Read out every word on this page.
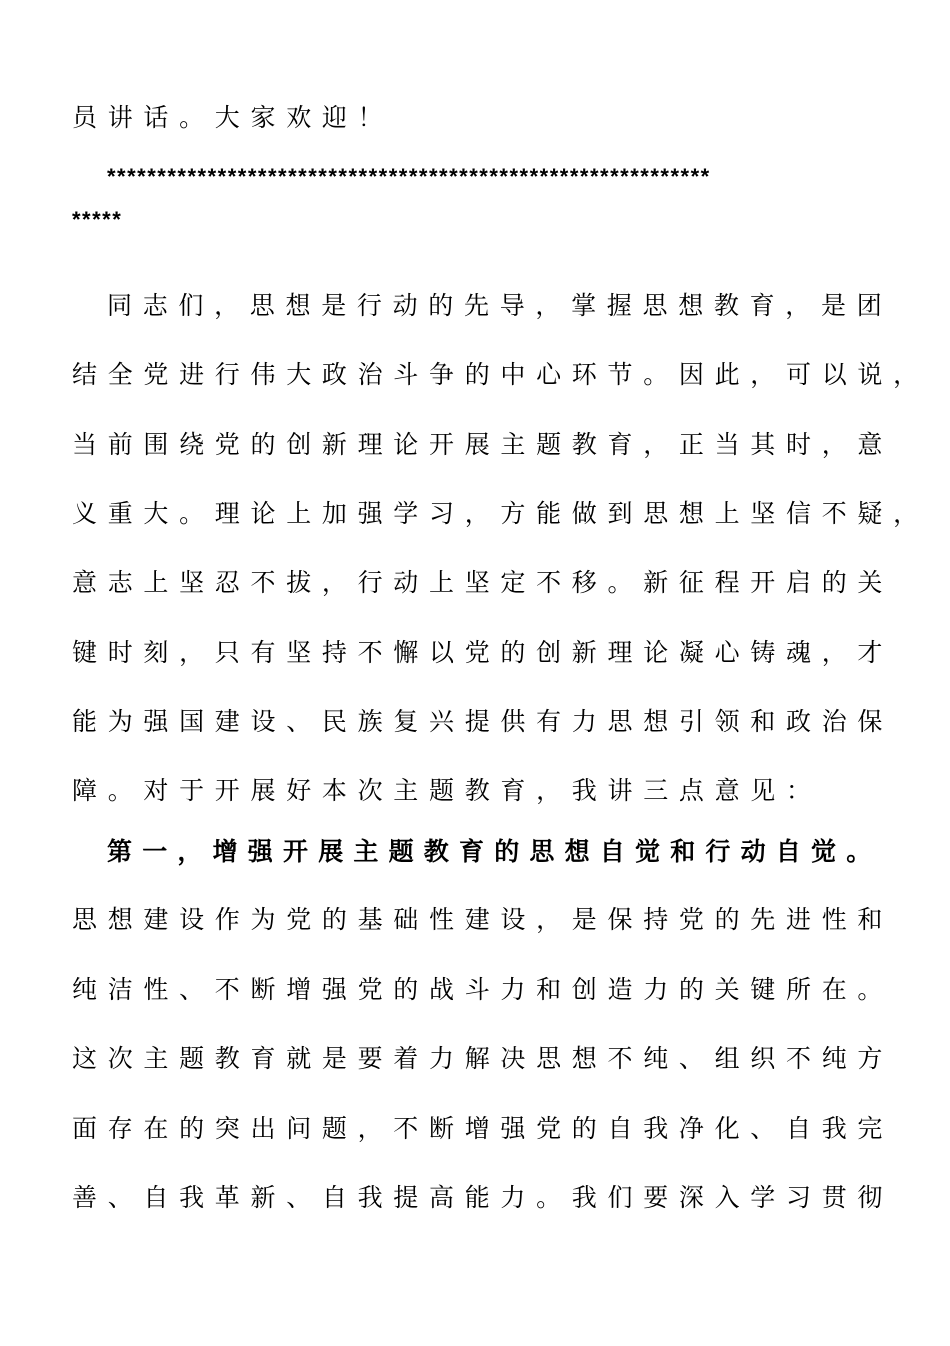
员讲话。大家欢迎！
************************************************************
*****
同志们，思想是行动的先导，掌握思想教育，是团
结全党进行伟大政治斗争的中心环节。因此，可以说，
当前围绕党的创新理论开展主题教育，正当其时，意
义重大。理论上加强学习，方能做到思想上坚信不疑，
意志上坚忍不拔，行动上坚定不移。新征程开启的关
键时刻，只有坚持不懈以党的创新理论凝心铸魂，才
能为强国建设、民族复兴提供有力思想引领和政治保
障。对于开展好本次主题教育，我讲三点意见：
第一，增强开展主题教育的思想自觉和行动自觉。
思想建设作为党的基础性建设，是保持党的先进性和
纯洁性、不断增强党的战斗力和创造力的关键所在。
这次主题教育就是要着力解决思想不纯、组织不纯方
面存在的突出问题，不断增强党的自我净化、自我完
善、自我革新、自我提高能力。我们要深入学习贯彻
